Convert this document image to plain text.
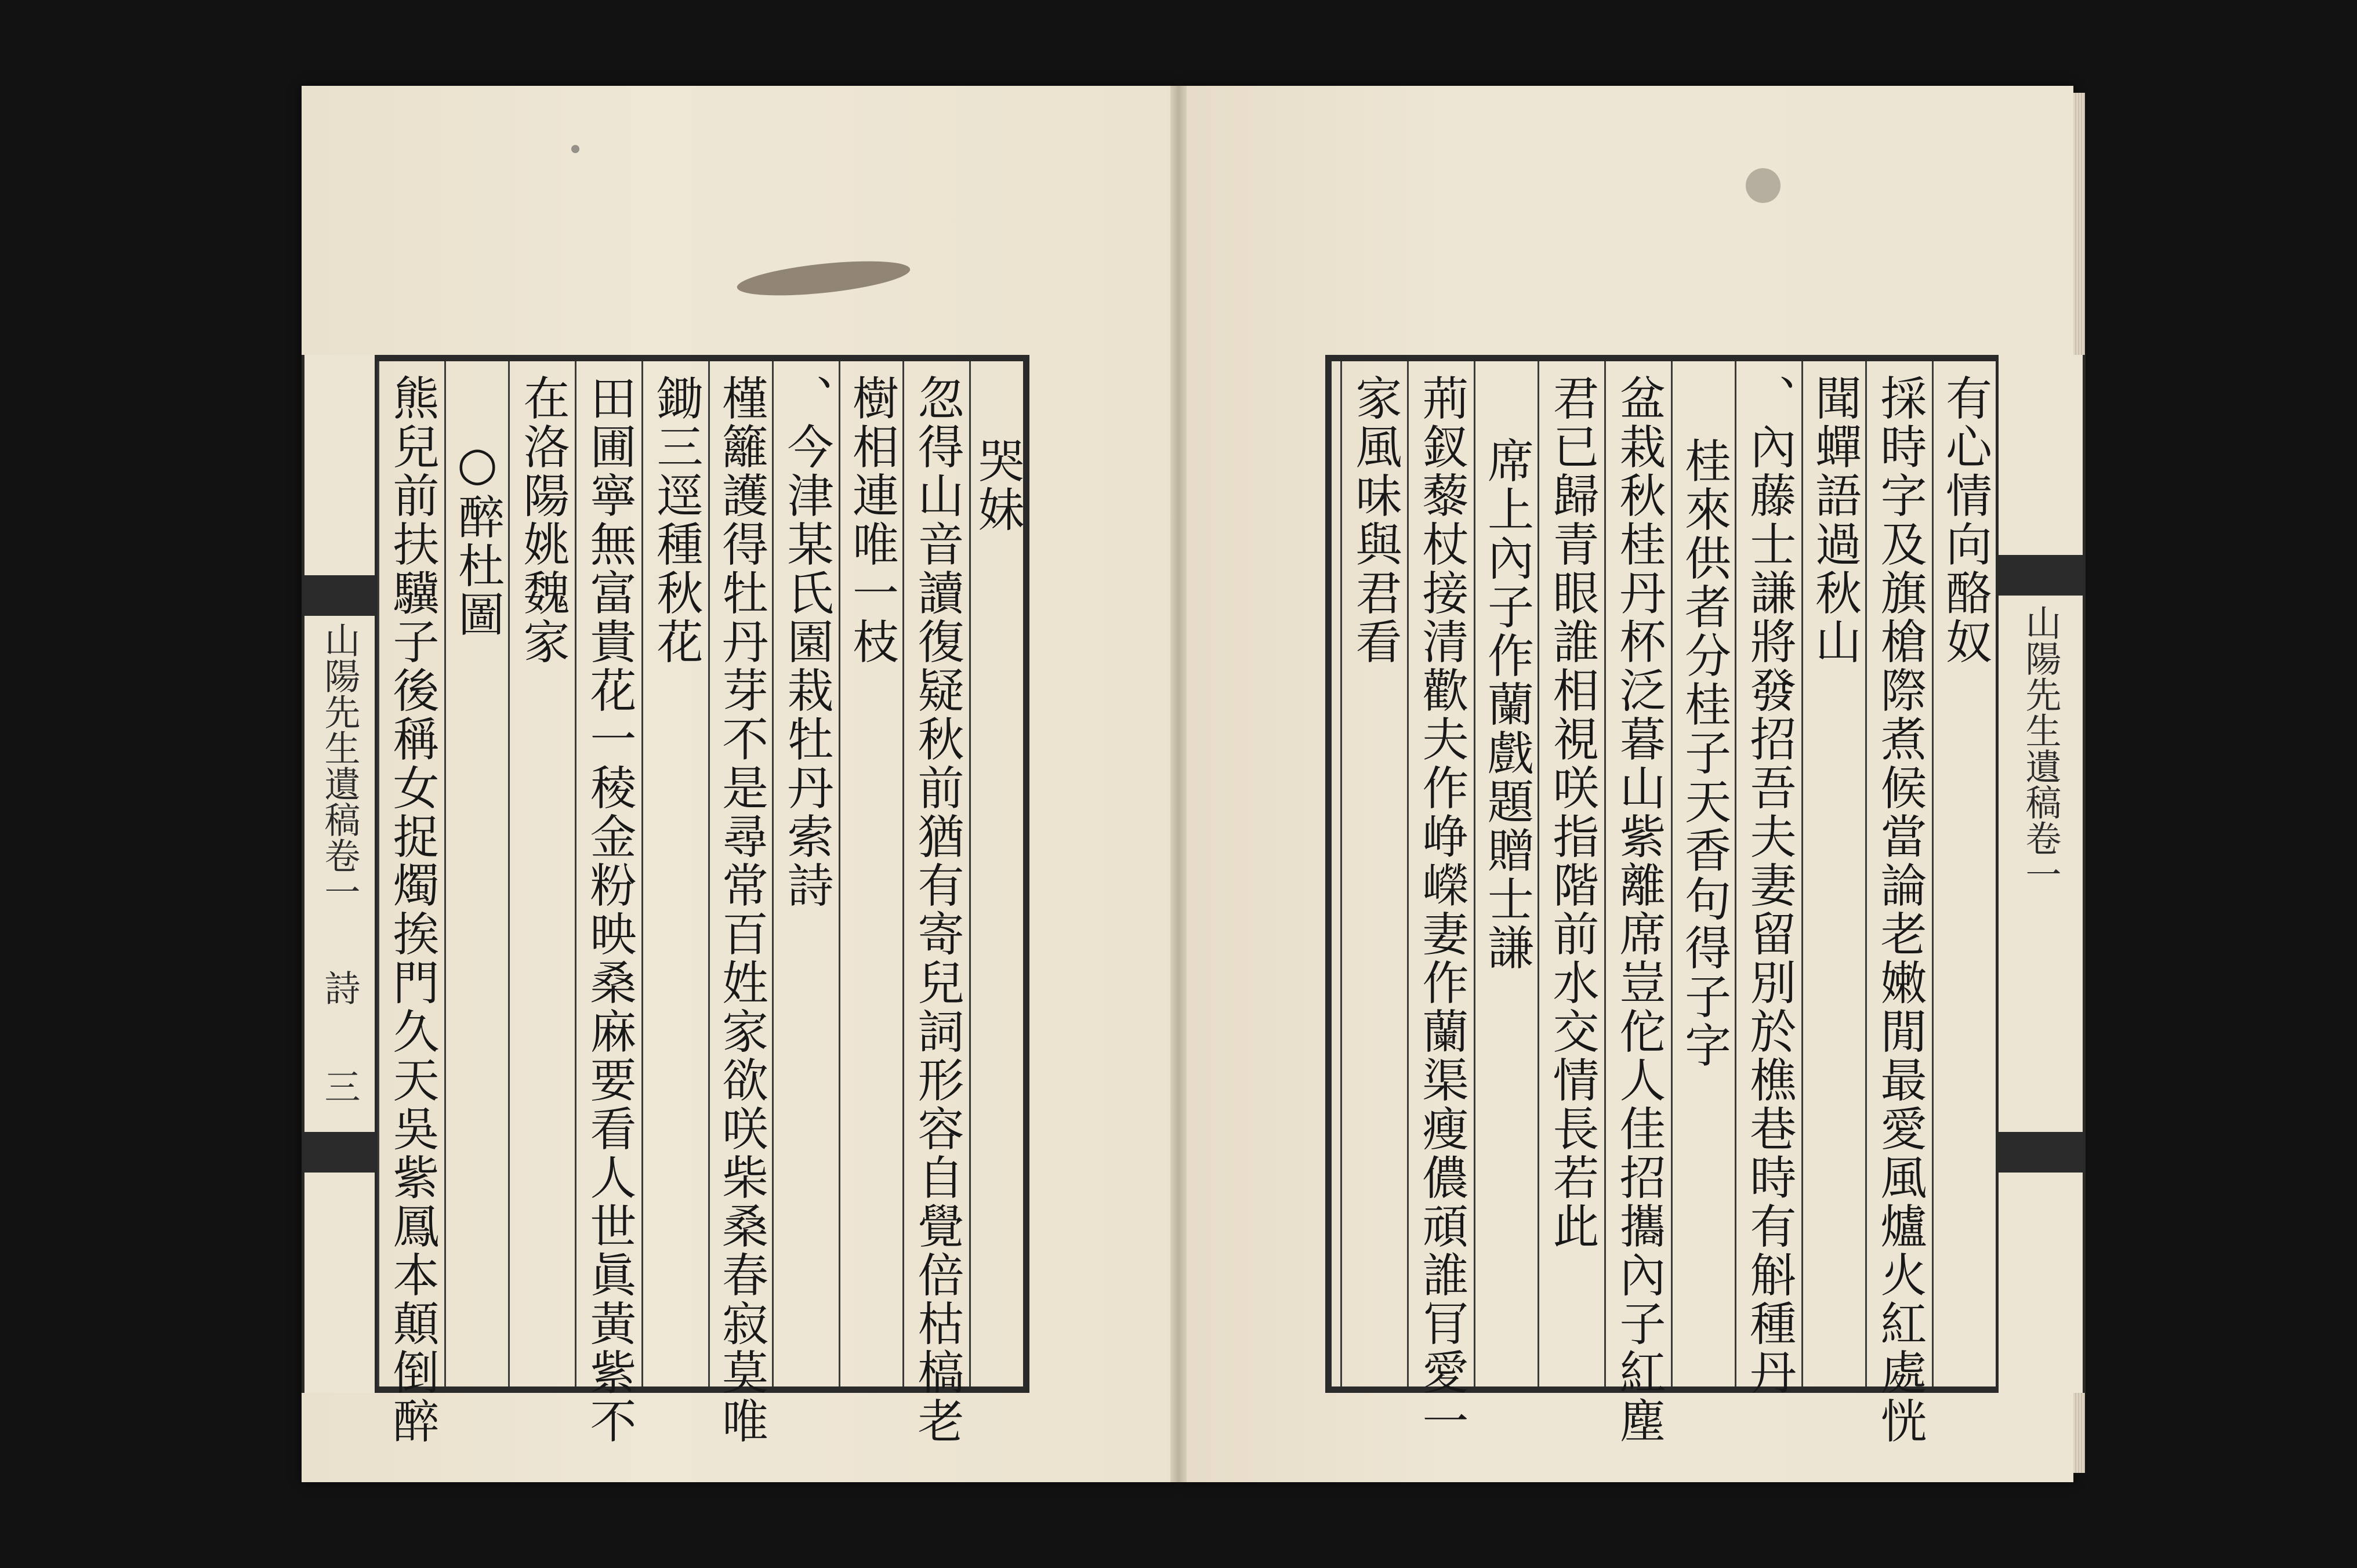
哭妹
忽得山音讀復疑秋前猶有寄兒詞形容自覺倍枯槁老
樹相連唯一枝
、今津某氏園栽牡丹索詩
槿籬護得牡丹芽不是尋常百姓家欲咲柴桑春寂莫唯
鋤三逕種秋花
田圃寧無富貴花一稜金粉映桑麻要看人世眞黃紫不
在洛陽姚魏家
○醉杜圖
熊兒前扶驥子後稱女捉燭挨門久天吳紫鳳本顛倒醉
山陽先生遺稿卷一
詩
三
山陽先生遺稿卷一
有心情向酪奴
採時字及旗槍際煮候當論老嫩閒最愛風爐火紅處恍
聞蟬語過秋山
、內藤士謙將發招吾夫妻留別於樵巷時有斛種丹
桂來供者分桂子天香句得子字
盆栽秋桂丹杯泛暮山紫離席豈佗人佳招攜內子紅塵
君已歸青眼誰相視咲指階前水交情長若此
席上內子作蘭戲題贈士謙
荊釵藜杖接清歡夫作峥嶸妻作蘭渠瘦儂頑誰肎愛一
家風味與君看
